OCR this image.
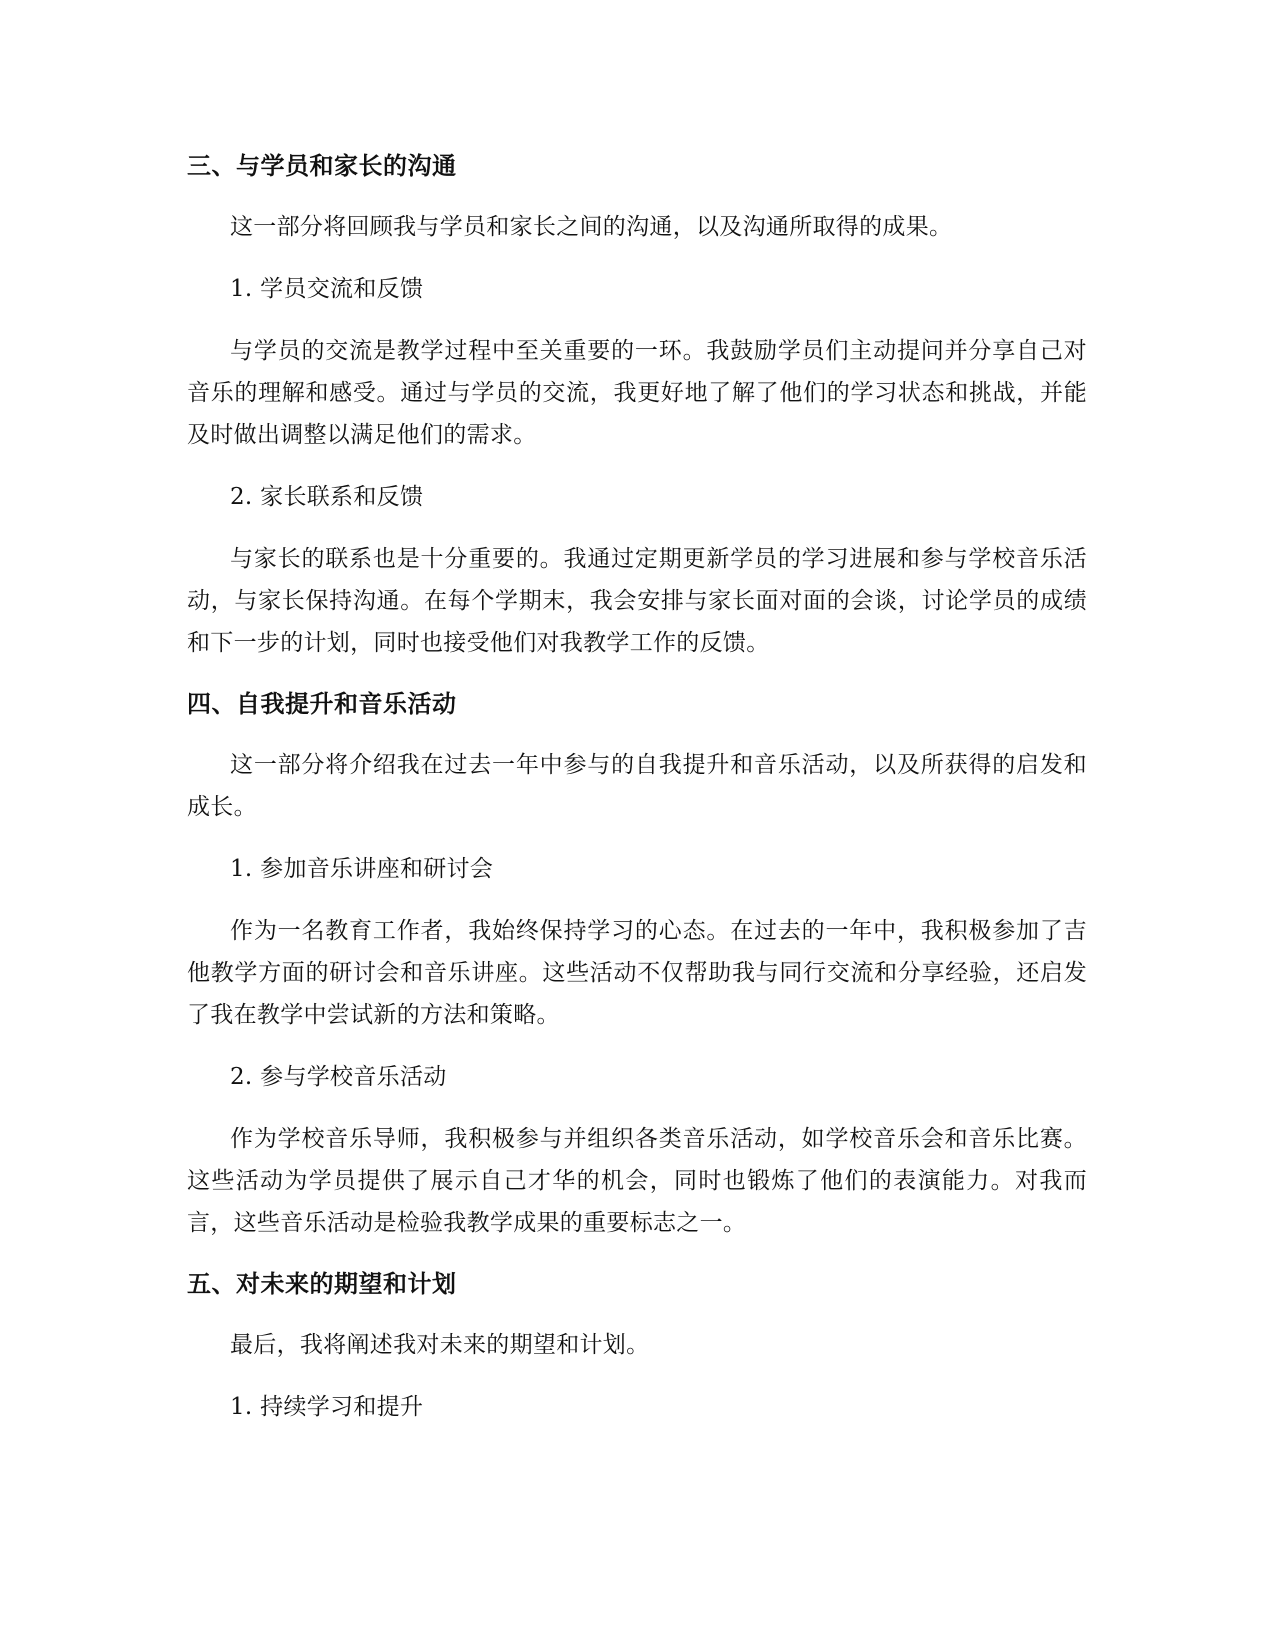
三、与学员和家长的沟通

这一部分将回顾我与学员和家长之间的沟通，以及沟通所取得的成果。

1. 学员交流和反馈

与学员的交流是教学过程中至关重要的一环。我鼓励学员们主动提问并分享自己对音乐的理解和感受。通过与学员的交流，我更好地了解了他们的学习状态和挑战，并能及时做出调整以满足他们的需求。

2. 家长联系和反馈

与家长的联系也是十分重要的。我通过定期更新学员的学习进展和参与学校音乐活动，与家长保持沟通。在每个学期末，我会安排与家长面对面的会谈，讨论学员的成绩和下一步的计划，同时也接受他们对我教学工作的反馈。

四、自我提升和音乐活动

这一部分将介绍我在过去一年中参与的自我提升和音乐活动，以及所获得的启发和成长。

1. 参加音乐讲座和研讨会

作为一名教育工作者，我始终保持学习的心态。在过去的一年中，我积极参加了吉他教学方面的研讨会和音乐讲座。这些活动不仅帮助我与同行交流和分享经验，还启发了我在教学中尝试新的方法和策略。

2. 参与学校音乐活动

作为学校音乐导师，我积极参与并组织各类音乐活动，如学校音乐会和音乐比赛。这些活动为学员提供了展示自己才华的机会，同时也锻炼了他们的表演能力。对我而言，这些音乐活动是检验我教学成果的重要标志之一。

五、对未来的期望和计划

最后，我将阐述我对未来的期望和计划。

1. 持续学习和提升
